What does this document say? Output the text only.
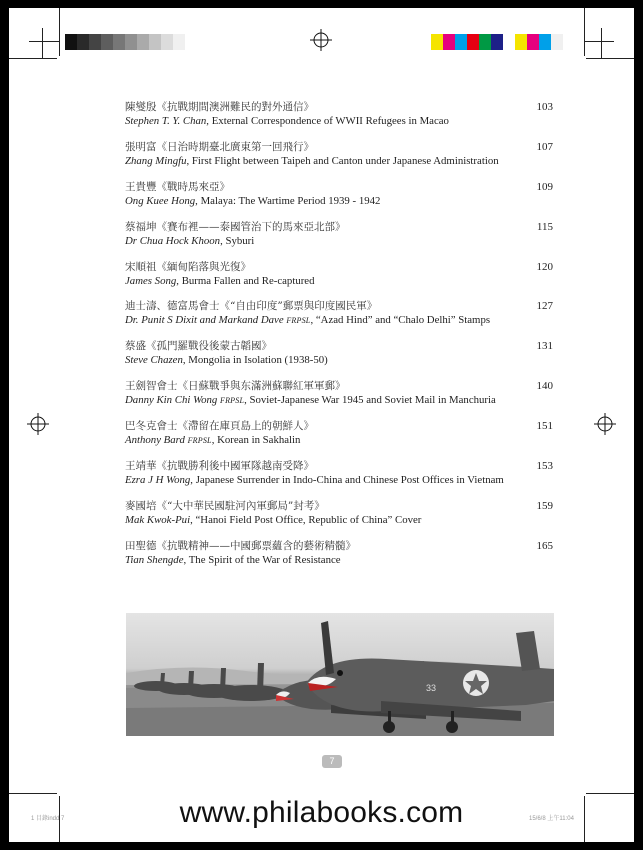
陳燮殷《抗戰期間澳洲難民的對外通信》
Stephen T. Y. Chan, External Correspondence of WWII Refugees in Macao
103
張明富《日治時期臺北廣東第一回飛行》
Zhang Mingfu, First Flight between Taipeh and Canton under Japanese Administration
107
王貴豐《戰時馬來亞》
Ong Kuee Hong, Malaya: The Wartime Period 1939 - 1942
109
蔡福坤《賽布裡——泰國管治下的馬來亞北部》
Dr Chua Hock Khoon, Syburi
115
宋順祖《緬甸陷落與光復》
James Song, Burma Fallen and Re-captured
120
迪士濤、德富馬會士《“自由印度”郵票與印度國民軍》
Dr. Punit S Dixit and Markand Dave FRPSL, “Azad Hind” and “Chalo Delhi” Stamps
127
蔡盛《孤門羅戰役後蒙古韜國》
Steve Chazen, Mongolia in Isolation (1938-50)
131
王劍智會士《日蘇戰爭與东滿洲蘇聯紅軍軍郵》
Danny Kin Chi Wong FRPSL, Soviet-Japanese War 1945 and Soviet Mail in Manchuria
140
巴冬克會士《滯留在庫頁島上的朝鮮人》
Anthony Bard FRPSL, Korean in Sakhalin
151
王靖華《抗戰勝利後中國軍隊越南受降》
Ezra J H Wong, Japanese Surrender in Indo-China and Chinese Post Offices in Vietnam
153
麥國培《“大中華民國駐河內軍郵局”封考》
Mak Kwok-Pui, “Hanoi Field Post Office, Republic of China” Cover
159
田聖德《抗戰精神——中國郵票蘊含的藝術精髓》
Tian Shengde, The Spirit of the War of Resistance
165
33
7
1 目錄indd 7	15/6/8 上午11:04
www.philabooks.com
